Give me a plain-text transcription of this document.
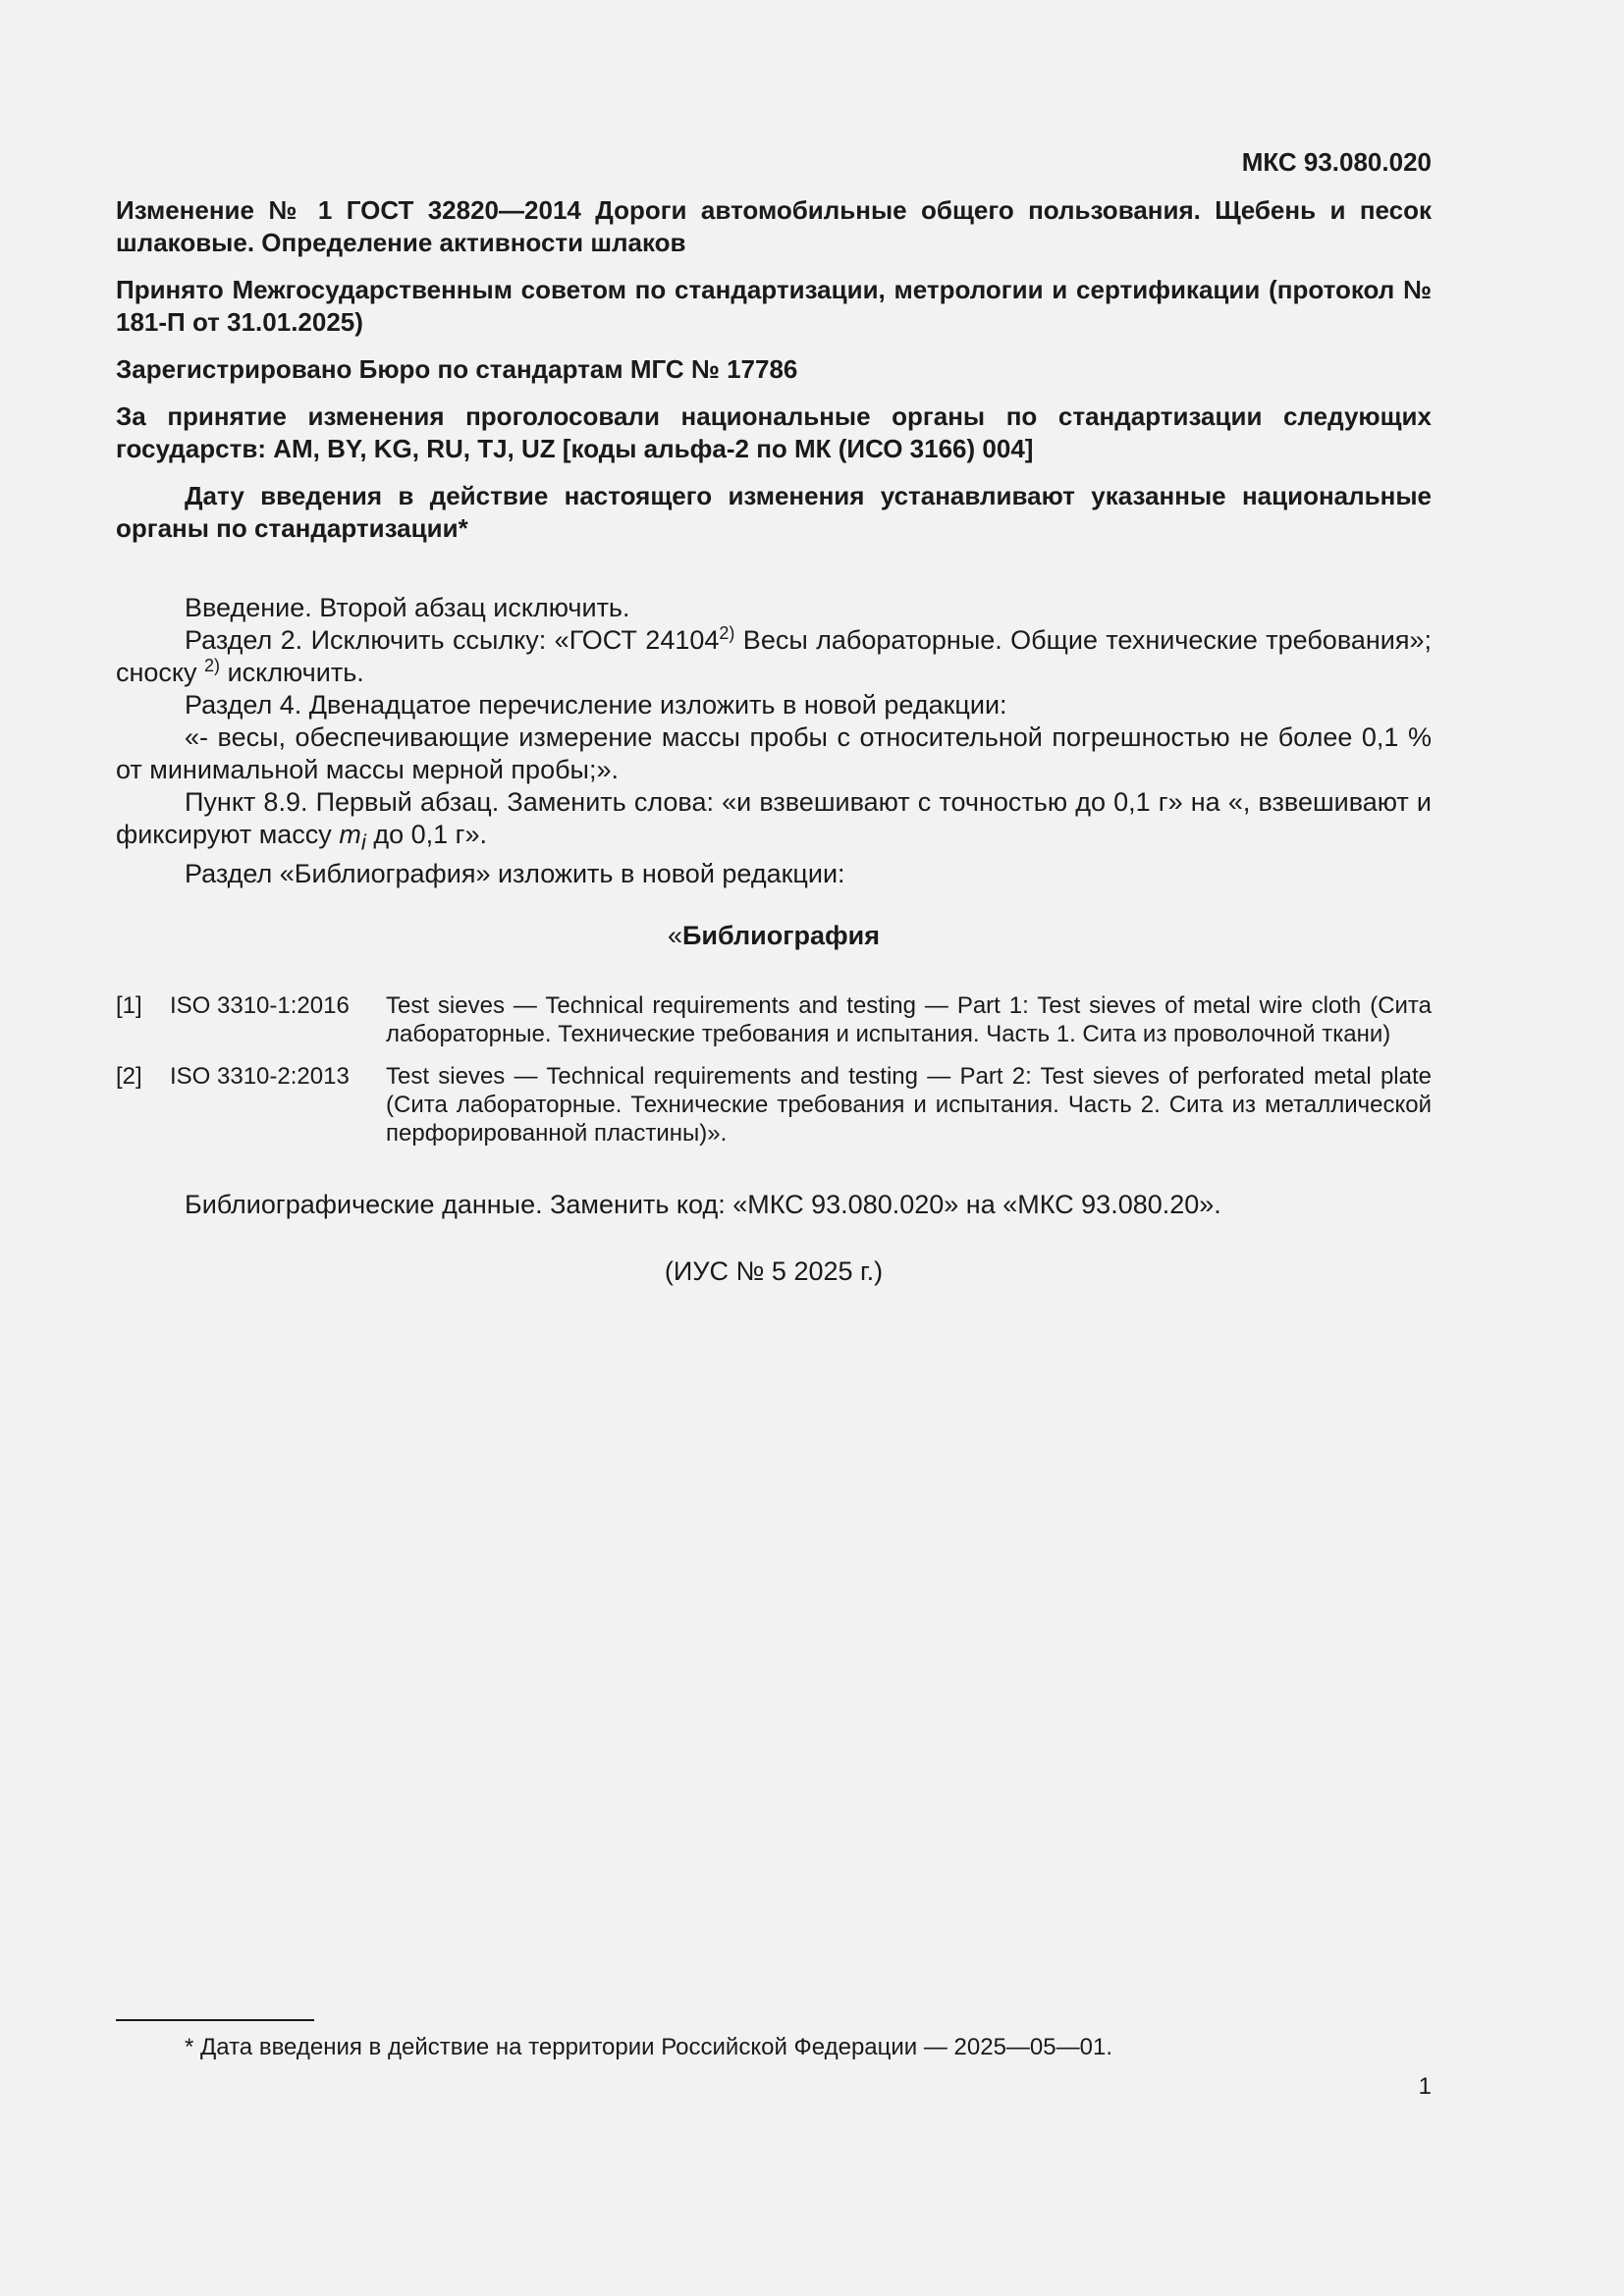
МКС 93.080.020

Изменение № 1 ГОСТ 32820—2014 Дороги автомобильные общего пользования. Щебень и песок шлаковые. Определение активности шлаков

Принято Межгосударственным советом по стандартизации, метрологии и сертификации (протокол № 181-П от 31.01.2025)

Зарегистрировано Бюро по стандартам МГС № 17786

За принятие изменения проголосовали национальные органы по стандартизации следующих государств: AM, BY, KG, RU, TJ, UZ [коды альфа-2 по МК (ИСО 3166) 004]

Дату введения в действие настоящего изменения устанавливают указанные национальные органы по стандартизации*

Введение. Второй абзац исключить.

Раздел 2. Исключить ссылку: «ГОСТ 24104$^{2)}$ Весы лабораторные. Общие технические требования»; сноску $^{2)}$ исключить.

Раздел 4. Двенадцатое перечисление изложить в новой редакции:

«- весы, обеспечивающие измерение массы пробы с относительной погрешностью не более 0,1 % от минимальной массы мерной пробы;».

Пункт 8.9. Первый абзац. Заменить слова: «и взвешивают с точностью до 0,1 г» на «, взвешивают и фиксируют массу $m_i$ до 0,1 г».

Раздел «Библиография» изложить в новой редакции:

«Библиография
[1]	ISO 3310-1:2016	Test sieves — Technical requirements and testing — Part 1: Test sieves of metal wire cloth (Сита лабораторные. Технические требования и испытания. Часть 1. Сита из проволочной ткани)
[2]	ISO 3310-2:2013	Test sieves — Technical requirements and testing — Part 2: Test sieves of perforated metal plate (Сита лабораторные. Технические требования и испытания. Часть 2. Сита из металлической перфорированной пластины)».
Библиографические данные. Заменить код: «МКС 93.080.020» на «МКС 93.080.20».
(ИУС № 5 2025 г.)
* Дата введения в действие на территории Российской Федерации — 2025—05—01.
1
